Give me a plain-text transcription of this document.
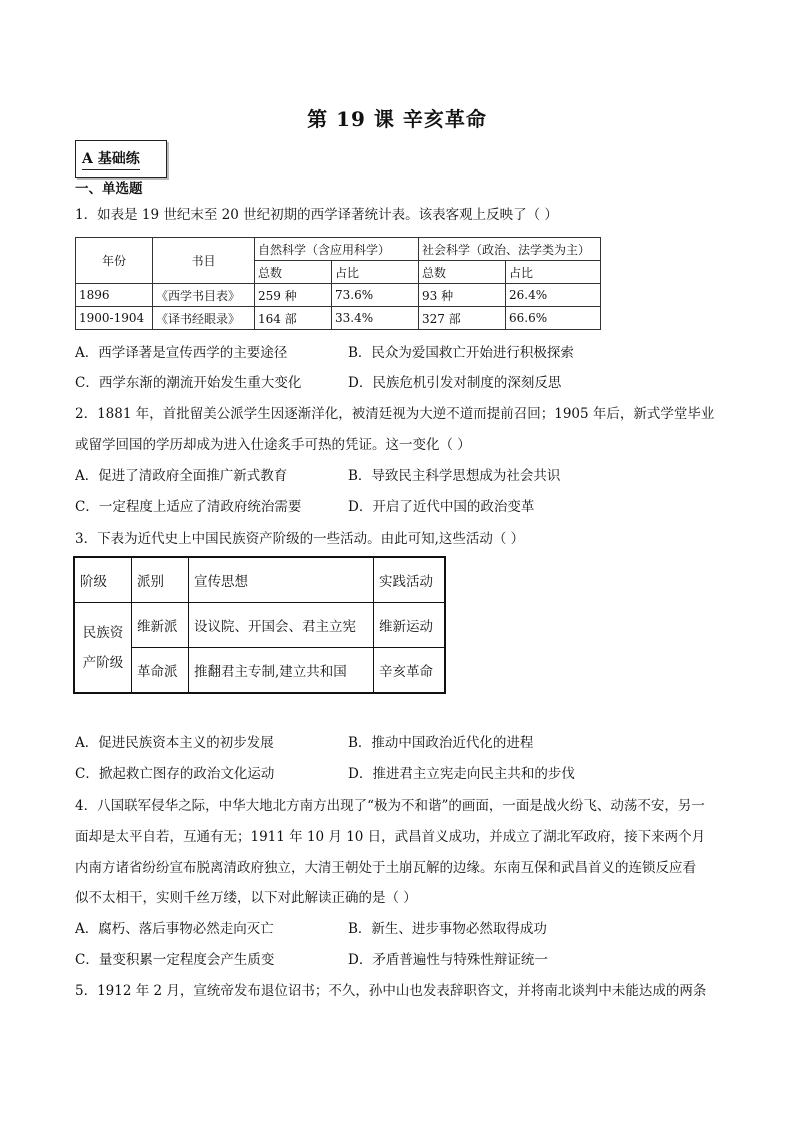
第 19 课 辛亥革命
A 基础练
一、单选题
1．如表是 19 世纪末至 20 世纪初期的西学译著统计表。该表客观上反映了（ ）
年份	书目	自然科学（含应用科学）		社会科学（政治、法学类为主）	
		总数	占比	总数	占比
1896	《西学书目表》	259 种	73.6%	93 种	26.4%
1900-1904	《译书经眼录》	164 部	33.4%	327 部	66.6%
A．西学译著是宣传西学的主要途径	B．民众为爱国救亡开始进行积极探索
C．西学东渐的潮流开始发生重大变化	D．民族危机引发对制度的深刻反思
2．1881 年，首批留美公派学生因逐渐洋化，被清廷视为大逆不道而提前召回；1905 年后，新式学堂毕业
或留学回国的学历却成为进入仕途炙手可热的凭证。这一变化（ ）
A．促进了清政府全面推广新式教育	B．导致民主科学思想成为社会共识
C．一定程度上适应了清政府统治需要	D．开启了近代中国的政治变革
3．下表为近代史上中国民族资产阶级的一些活动。由此可知,这些活动（ ）
阶级	派别	宣传思想	实践活动
民族资产阶级	维新派	设议院、开国会、君主立宪	维新运动
	革命派	推翻君主专制,建立共和国	辛亥革命
A．促进民族资本主义的初步发展	B．推动中国政治近代化的进程
C．掀起救亡图存的政治文化运动	D．推进君主立宪走向民主共和的步伐
4．八国联军侵华之际，中华大地北方南方出现了“极为不和谐”的画面，一面是战火纷飞、动荡不安，另一
面却是太平自若，互通有无；1911 年 10 月 10 日，武昌首义成功，并成立了湖北军政府，接下来两个月
内南方诸省纷纷宣布脱离清政府独立，大清王朝处于土崩瓦解的边缘。东南互保和武昌首义的连锁反应看
似不太相干，实则千丝万缕，以下对此解读正确的是（ ）
A．腐朽、落后事物必然走向灭亡	B．新生、进步事物必然取得成功
C．量变积累一定程度会产生质变	D．矛盾普遍性与特殊性辩证统一
5．1912 年 2 月，宣统帝发布退位诏书；不久，孙中山也发表辞职咨文，并将南北谈判中未能达成的两条
